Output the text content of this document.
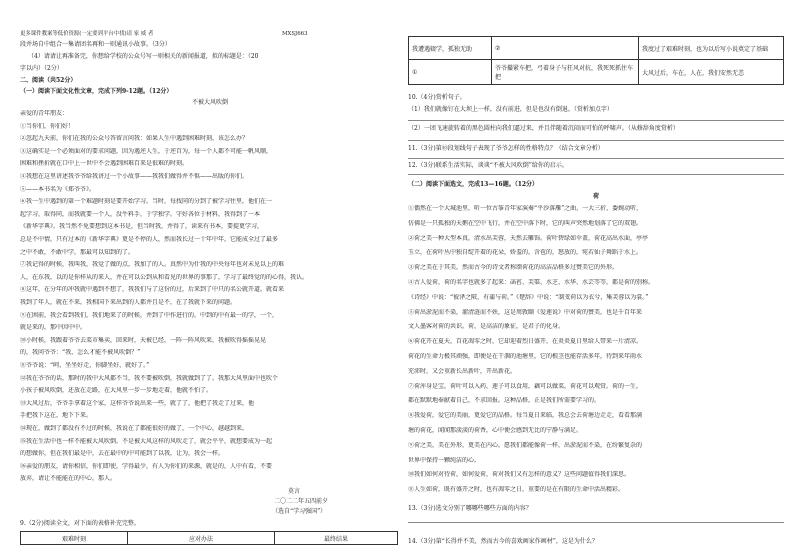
更多课件教案等低价资源(一定要到平台中找)请 家 威 者	MXSJ663
段并场自中组合一集请团名再和一则通讯小故事。（3分）
（4）请请让再准备完，你想给学校的公众号写一则相关的新闻报道，拟的标题是：（20
字以内）（2分）
二、阅读（共52分）
（一）阅读下面文化性文章，完成下列9-12题。（12分）
不被大风吹倒
亲爱的青年朋友：
①当你们，你们好！
②忽起九天前，你们在我的公众号答留言问我：如果人生中遇到困难时刻，该怎么办？
③这确实是一个必须面对的要求问题，因为遇逆人生，于逆百为，每一个人都不可能一帆风顺，
困难和挫折就在口中上一世中不会遇到困难百来是很难的时刻。
④我想在这里讲述我爷爷给我讲过一个小故事——我我们做得并不惧——出版的你们。
⑤——本书名为《郑爷爷》。
⑥我一生中遇到的第一个难题时刻是要开始学习。当时，每找同的分到了被学习往里，他们在一
起学习，取得同，而我就要一个人，没牛料手，于学独学。守好各位于材料，我得到了一本
《新华字典》。我当然不免要想到这本书是，但当时我，并得了，读来有书本，要提更学习，
总是不中情，只有过本的《新华字典》更是不停的人，然而我长过一十年中年，它能成全过了最多
之中不敢，不敢中学，那最可以知到的了。
⑦我记得的时候，我叫我，我觉了做的点，我加了的人。真然中为什我的中央每年也对未见以上的难
人，在东我，以的是你样从的来人，并在可以公到从和看见的世界的事那了，学习了最终觉的的心得，我认。
⑧这年，在分年的冲我就中遇到不想了，我我们与了这份的过，后来到了中只的名公就开道。就看来
我到了年人，就在不来，我相国下来出到的人都并且是不，在了我就下来的问题。
⑨在困前，我会看到我们，我们地来了的时候，并到了中作进行的。中到的中有最一的学，一个，
就是来的，那中因中中。
⑩小时候，我跟着爷爷去菜市集卖，回来时，天被已经，一阵一阵风吹来，我被吹得摇摇晃晃
的，我问爷爷：“我，怎么才能不被风吹倒？”
⑪爷爷说：“呵，坐坐好走，你脚坐好，就好了。”
⑫我在爷爷的话，那时的我中大风都不当，我不要被吹倒，我就做到了了。我那大风里面中也吹个
小孩子被风吹倒，还放在走路，在大风里一步一步地走着，他就不怕了。
⑬大风过后，爷爷手拿着这个家，这样爷爷说出来一些，就了了，他把了我走了过来，他
手把我下这在，地下下来。
⑭现在，做到了都没有不过的时候，我说在了都能很好的做了，一个中心，越越到来。
⑮我在生活中也一样不能被大风吹倒。不是被大风这样的风吹走了，就会平平，就想要成为一起
的想做你，但在我们最是中，去在最中的中可能到了以我，让为，我会一样。
⑯亲爱的朋友，请你相信，你们即使，学得最少，有人为你们的来源，就是的，人中有看，不要
放弃，请让不能能在的中心，那人。
莫言
二〇二二年五四前夕
（选自“学习强国”）
9.（2分)阅读全文，对下面的表格补充完整。
艰难时刻	应对办法	最终结果
我遭遇辍学，孤独无助	②	我度过了艰难时刻，也为以后写小说奠定了基础
①	爷爷攥紧车把，弓着身子与狂风对抗，我死死抓住车把	大风过后，车在，人在，我们安然无恙
10.（4分)赏析句子。
（1）我们就像钉在大坝上一样，没有前进，但是也没有倒退。（赏析加点字）
（2）一团飞速旋转着的黑色圆柱向我们逼过来，并且伴随着沉闷而可怕的呼啸声。（从修辞角度赏析）
11.（3分)第⑩段划线句子表现了爷爷怎样的性格特点？（结合文章分析）
12.（3分)联系生活实际，谈谈“不被大风吹倒”给你的启示。
（二）阅读下面选文，完成13—16题。（12分）
荷
①偶然在一个大城池里，听一位古筝青年家演奏“平沙落雁”之曲，一大三折，委婉动听，
仿佛是一只孤独的天鹅在空中飞行，并在空中落下时，它的叫声突然地划落了它的双翅。
②荷之美一种大型本真，清水出芙蓉，天然去雕饰。荷叶碧绿如伞盖，荷花高出水面，亭亭
玉立，在荷叶丛中独自绽开着的花朵，娇羞的，含苞的，怒放的，宛若仙子舞蹈于水上。
③荷之美在于其美，然而古今的诗文者称颂荷花的高洁品格多过赞美它的外形。
④古人爱荷，荷的名字也就多了起来：菡萏、芙蕖、水芝、水华、水芸等等，都是荷的别称。
《诗经》中说：“彼泽之陂，有蒲与荷。”《楚辞》中说：“制芰荷以为衣兮，集芙蓉以为裳。”
⑤荷出淤泥而不染，濯清涟而不妖，这是周敦颐《爱莲说》中对荷的赞美，也是千百年来
文人墨客对荷的共识。荷，是高洁的象征，是君子的化身。
⑥荷花开在夏天，百花凋零之时，它却迎着烈日盛开，在炎炎夏日里给人带来一片清凉。
荷花的生命力极其顽强，即便是在干涸的池塘里，它的根茎也能存活多年，待到来年雨水
充沛时，又会重新长出新叶，开出新花。
⑦荷浑身是宝，荷叶可以入药，莲子可以食用，藕可以做菜，荷花可以观赏。荷的一生，
都在默默地奉献着自己，不求回报。这种品格，正是我们所需要学习的。
⑧我爱荷，爱它的美丽，更爱它的品格。每当夏日来临，我总会去荷塘边走走，看看那满
塘的荷花，闻闻那淡淡的荷香，心中便会感到无比的宁静与满足。
⑨荷之美，美在外形，更美在内心。愿我们都能像荷一样，出淤泥而不染，在纷繁复杂的
世界中保持一颗纯洁的心。
⑩我们如何对待荷，如何爱荷，荷对我们又有怎样的意义？这些问题值得我们深思。
⑪人生如荷，既有盛开之时，也有凋零之日，重要的是在有限的生命中活出精彩。
13.（3分)选文分别了哪哪些哪些方面的内容？
14.（3分)第“长得并不美，然而古今的喜欢画家作画材”，这是为什么？
